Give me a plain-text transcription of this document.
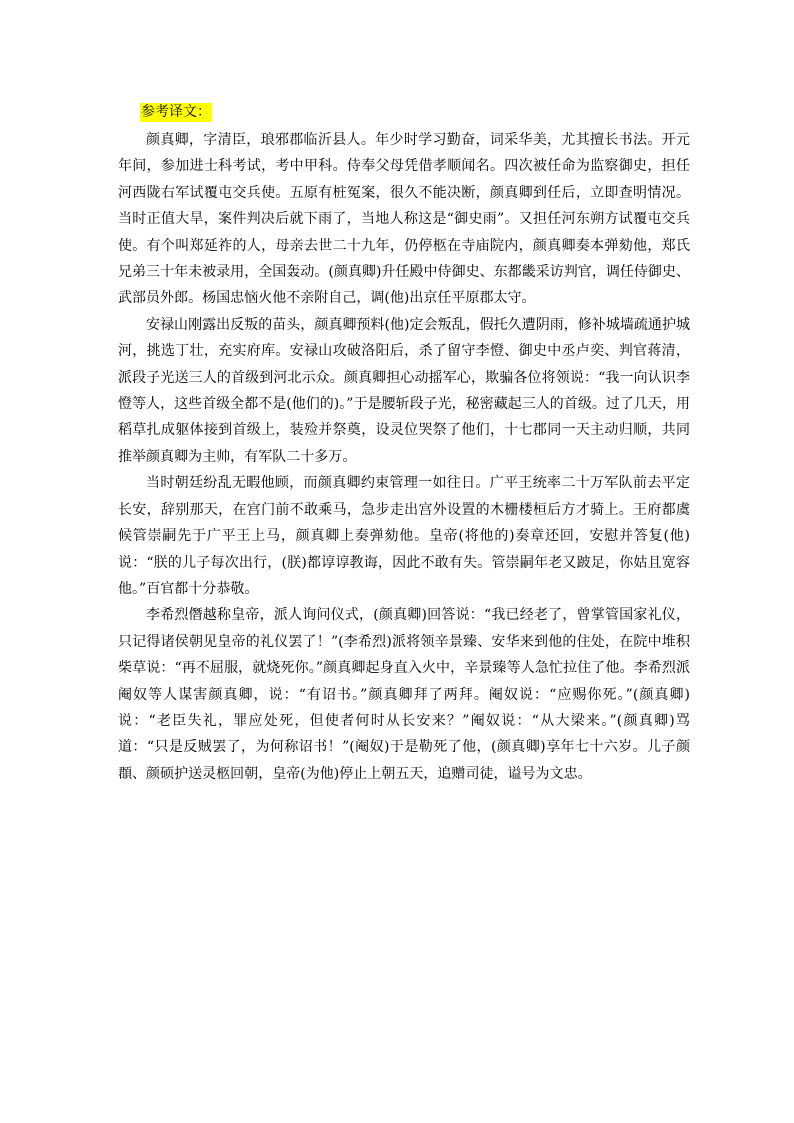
参考译文：

颜真卿，字清臣，琅邪郡临沂县人。年少时学习勤奋，词采华美，尤其擅长书法。开元年间，参加进士科考试，考中甲科。侍奉父母凭借孝顺闻名。四次被任命为监察御史，担任河西陇右军试覆屯交兵使。五原有桩冤案，很久不能决断，颜真卿到任后，立即查明情况。当时正值大旱，案件判决后就下雨了，当地人称这是“御史雨”。又担任河东朔方试覆屯交兵使。有个叫郑延祚的人，母亲去世二十九年，仍停柩在寺庙院内，颜真卿奏本弹劾他，郑氏兄弟三十年未被录用，全国轰动。(颜真卿)升任殿中侍御史、东都畿采访判官，调任侍御史、武部员外郎。杨国忠恼火他不亲附自己，调(他)出京任平原郡太守。

安禄山刚露出反叛的苗头，颜真卿预料(他)定会叛乱，假托久遭阴雨，修补城墙疏通护城河，挑选丁壮，充实府库。安禄山攻破洛阳后，杀了留守李憕、御史中丞卢奕、判官蒋清，派段子光送三人的首级到河北示众。颜真卿担心动摇军心，欺骗各位将领说：“我一向认识李憕等人，这些首级全都不是(他们的)。”于是腰斩段子光，秘密藏起三人的首级。过了几天，用稻草扎成躯体接到首级上，装殓并祭奠，设灵位哭祭了他们，十七郡同一天主动归顺，共同推举颜真卿为主帅，有军队二十多万。

当时朝廷纷乱无暇他顾，而颜真卿约束管理一如往日。广平王统率二十万军队前去平定长安，辞别那天，在宫门前不敢乘马，急步走出宫外设置的木栅楼桓后方才骑上。王府都虞候管崇嗣先于广平王上马，颜真卿上奏弹劾他。皇帝(将他的)奏章还回，安慰并答复(他)说：“朕的儿子每次出行，(朕)都谆谆教诲，因此不敢有失。管崇嗣年老又跛足，你姑且宽容他。”百官都十分恭敬。

李希烈僭越称皇帝，派人询问仪式，(颜真卿)回答说：“我已经老了，曾掌管国家礼仪，只记得诸侯朝见皇帝的礼仪罢了！”(李希烈)派将领辛景臻、安华来到他的住处，在院中堆积柴草说：“再不屈服，就烧死你。”颜真卿起身直入火中，辛景臻等人急忙拉住了他。李希烈派阉奴等人谋害颜真卿，说：“有诏书。”颜真卿拜了两拜。阉奴说：“应赐你死。”(颜真卿)说：“老臣失礼，罪应处死，但使者何时从长安来？”阉奴说：“从大梁来。”(颜真卿)骂道：“只是反贼罢了，为何称诏书！”(阉奴)于是勒死了他，(颜真卿)享年七十六岁。儿子颜頵、颜硕护送灵柩回朝，皇帝(为他)停止上朝五天，追赠司徒，谥号为文忠。
